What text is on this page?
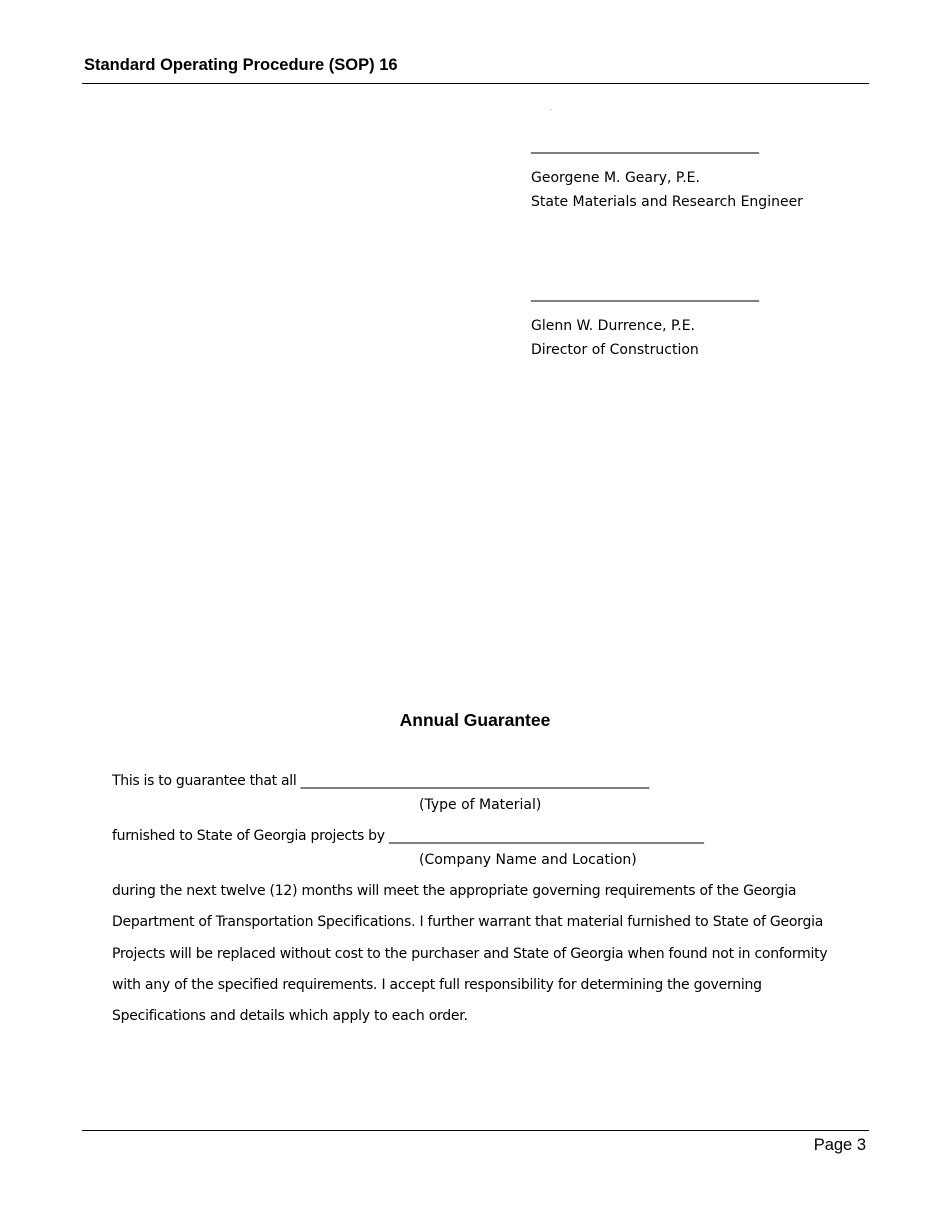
Standard Operating Procedure (SOP) 16
.
___________________________________
Georgene M. Geary, P.E.
State Materials and Research Engineer
___________________________________
Glenn W. Durrence, P.E.
Director of Construction
Annual Guarantee
This is to guarantee that all ____________________________________________________
(Type of Material)
furnished to State of Georgia projects by _______________________________________________
(Company Name and Location)

during the next twelve (12) months will meet the appropriate governing requirements of the Georgia Department of Transportation Specifications. I further warrant that material furnished to State of Georgia Projects will be replaced without cost to the purchaser and State of Georgia when found not in conformity with any of the specified requirements. I accept full responsibility for determining the governing Specifications and details which apply to each order.

Page 3
